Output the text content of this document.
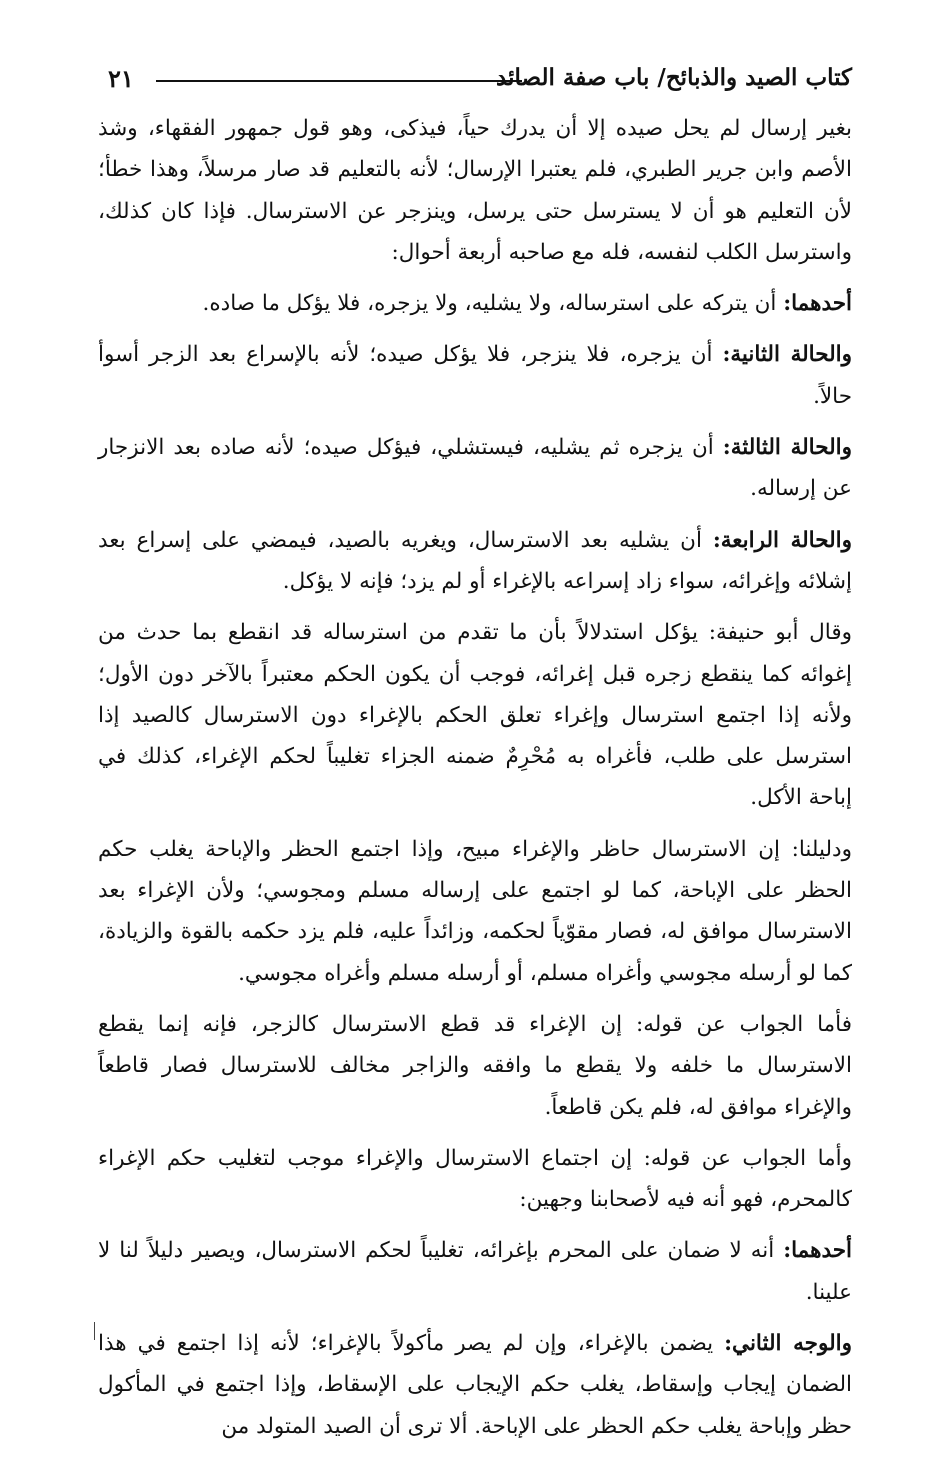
٢١	كتاب الصيد والذبائح/ باب صفة الصائد

بغير إرسال لم يحل صيده إلا أن يدرك حياً، فيذكى، وهو قول جمهور الفقهاء، وشذ الأصم وابن جرير الطبري، فلم يعتبرا الإرسال؛ لأنه بالتعليم قد صار مرسلاً، وهذا خطأ؛ لأن التعليم هو أن لا يسترسل حتى يرسل، وينزجر عن الاسترسال. فإذا كان كذلك، واسترسل الكلب لنفسه، فله مع صاحبه أربعة أحوال:

أحدهما: أن يتركه على استرساله، ولا يشليه، ولا يزجره، فلا يؤكل ما صاده.

والحالة الثانية: أن يزجره، فلا ينزجر، فلا يؤكل صيده؛ لأنه بالإسراع بعد الزجر أسوأ حالاً.

والحالة الثالثة: أن يزجره ثم يشليه، فيستشلي، فيؤكل صيده؛ لأنه صاده بعد الانزجار عن إرساله.

والحالة الرابعة: أن يشليه بعد الاسترسال، ويغريه بالصيد، فيمضي على إسراع بعد إشلائه وإغرائه، سواء زاد إسراعه بالإغراء أو لم يزد؛ فإنه لا يؤكل.

وقال أبو حنيفة: يؤكل استدلالاً بأن ما تقدم من استرساله قد انقطع بما حدث من إغوائه كما ينقطع زجره قبل إغرائه، فوجب أن يكون الحكم معتبراً بالآخر دون الأول؛ ولأنه إذا اجتمع استرسال وإغراء تعلق الحكم بالإغراء دون الاسترسال كالصيد إذا استرسل على طلب، فأغراه به مُحْرِمٌ ضمنه الجزاء تغليباً لحكم الإغراء، كذلك في إباحة الأكل.

ودليلنا: إن الاسترسال حاظر والإغراء مبيح، وإذا اجتمع الحظر والإباحة يغلب حكم الحظر على الإباحة، كما لو اجتمع على إرساله مسلم ومجوسي؛ ولأن الإغراء بعد الاسترسال موافق له، فصار مقوّياً لحكمه، وزائداً عليه، فلم يزد حكمه بالقوة والزيادة، كما لو أرسله مجوسي وأغراه مسلم، أو أرسله مسلم وأغراه مجوسي.

فأما الجواب عن قوله: إن الإغراء قد قطع الاسترسال كالزجر، فإنه إنما يقطع الاسترسال ما خلفه ولا يقطع ما وافقه والزاجر مخالف للاسترسال فصار قاطعاً والإغراء موافق له، فلم يكن قاطعاً.

وأما الجواب عن قوله: إن اجتماع الاسترسال والإغراء موجب لتغليب حكم الإغراء كالمحرم، فهو أنه فيه لأصحابنا وجهين:

أحدهما: أنه لا ضمان على المحرم بإغرائه، تغليباً لحكم الاسترسال، ويصير دليلاً لنا لا علينا.

والوجه الثاني: يضمن بالإغراء، وإن لم يصر مأكولاً بالإغراء؛ لأنه إذا اجتمع في هذا الضمان إيجاب وإسقاط، يغلب حكم الإيجاب على الإسقاط، وإذا اجتمع في المأكول حظر وإباحة يغلب حكم الحظر على الإباحة. ألا ترى أن الصيد المتولد من
